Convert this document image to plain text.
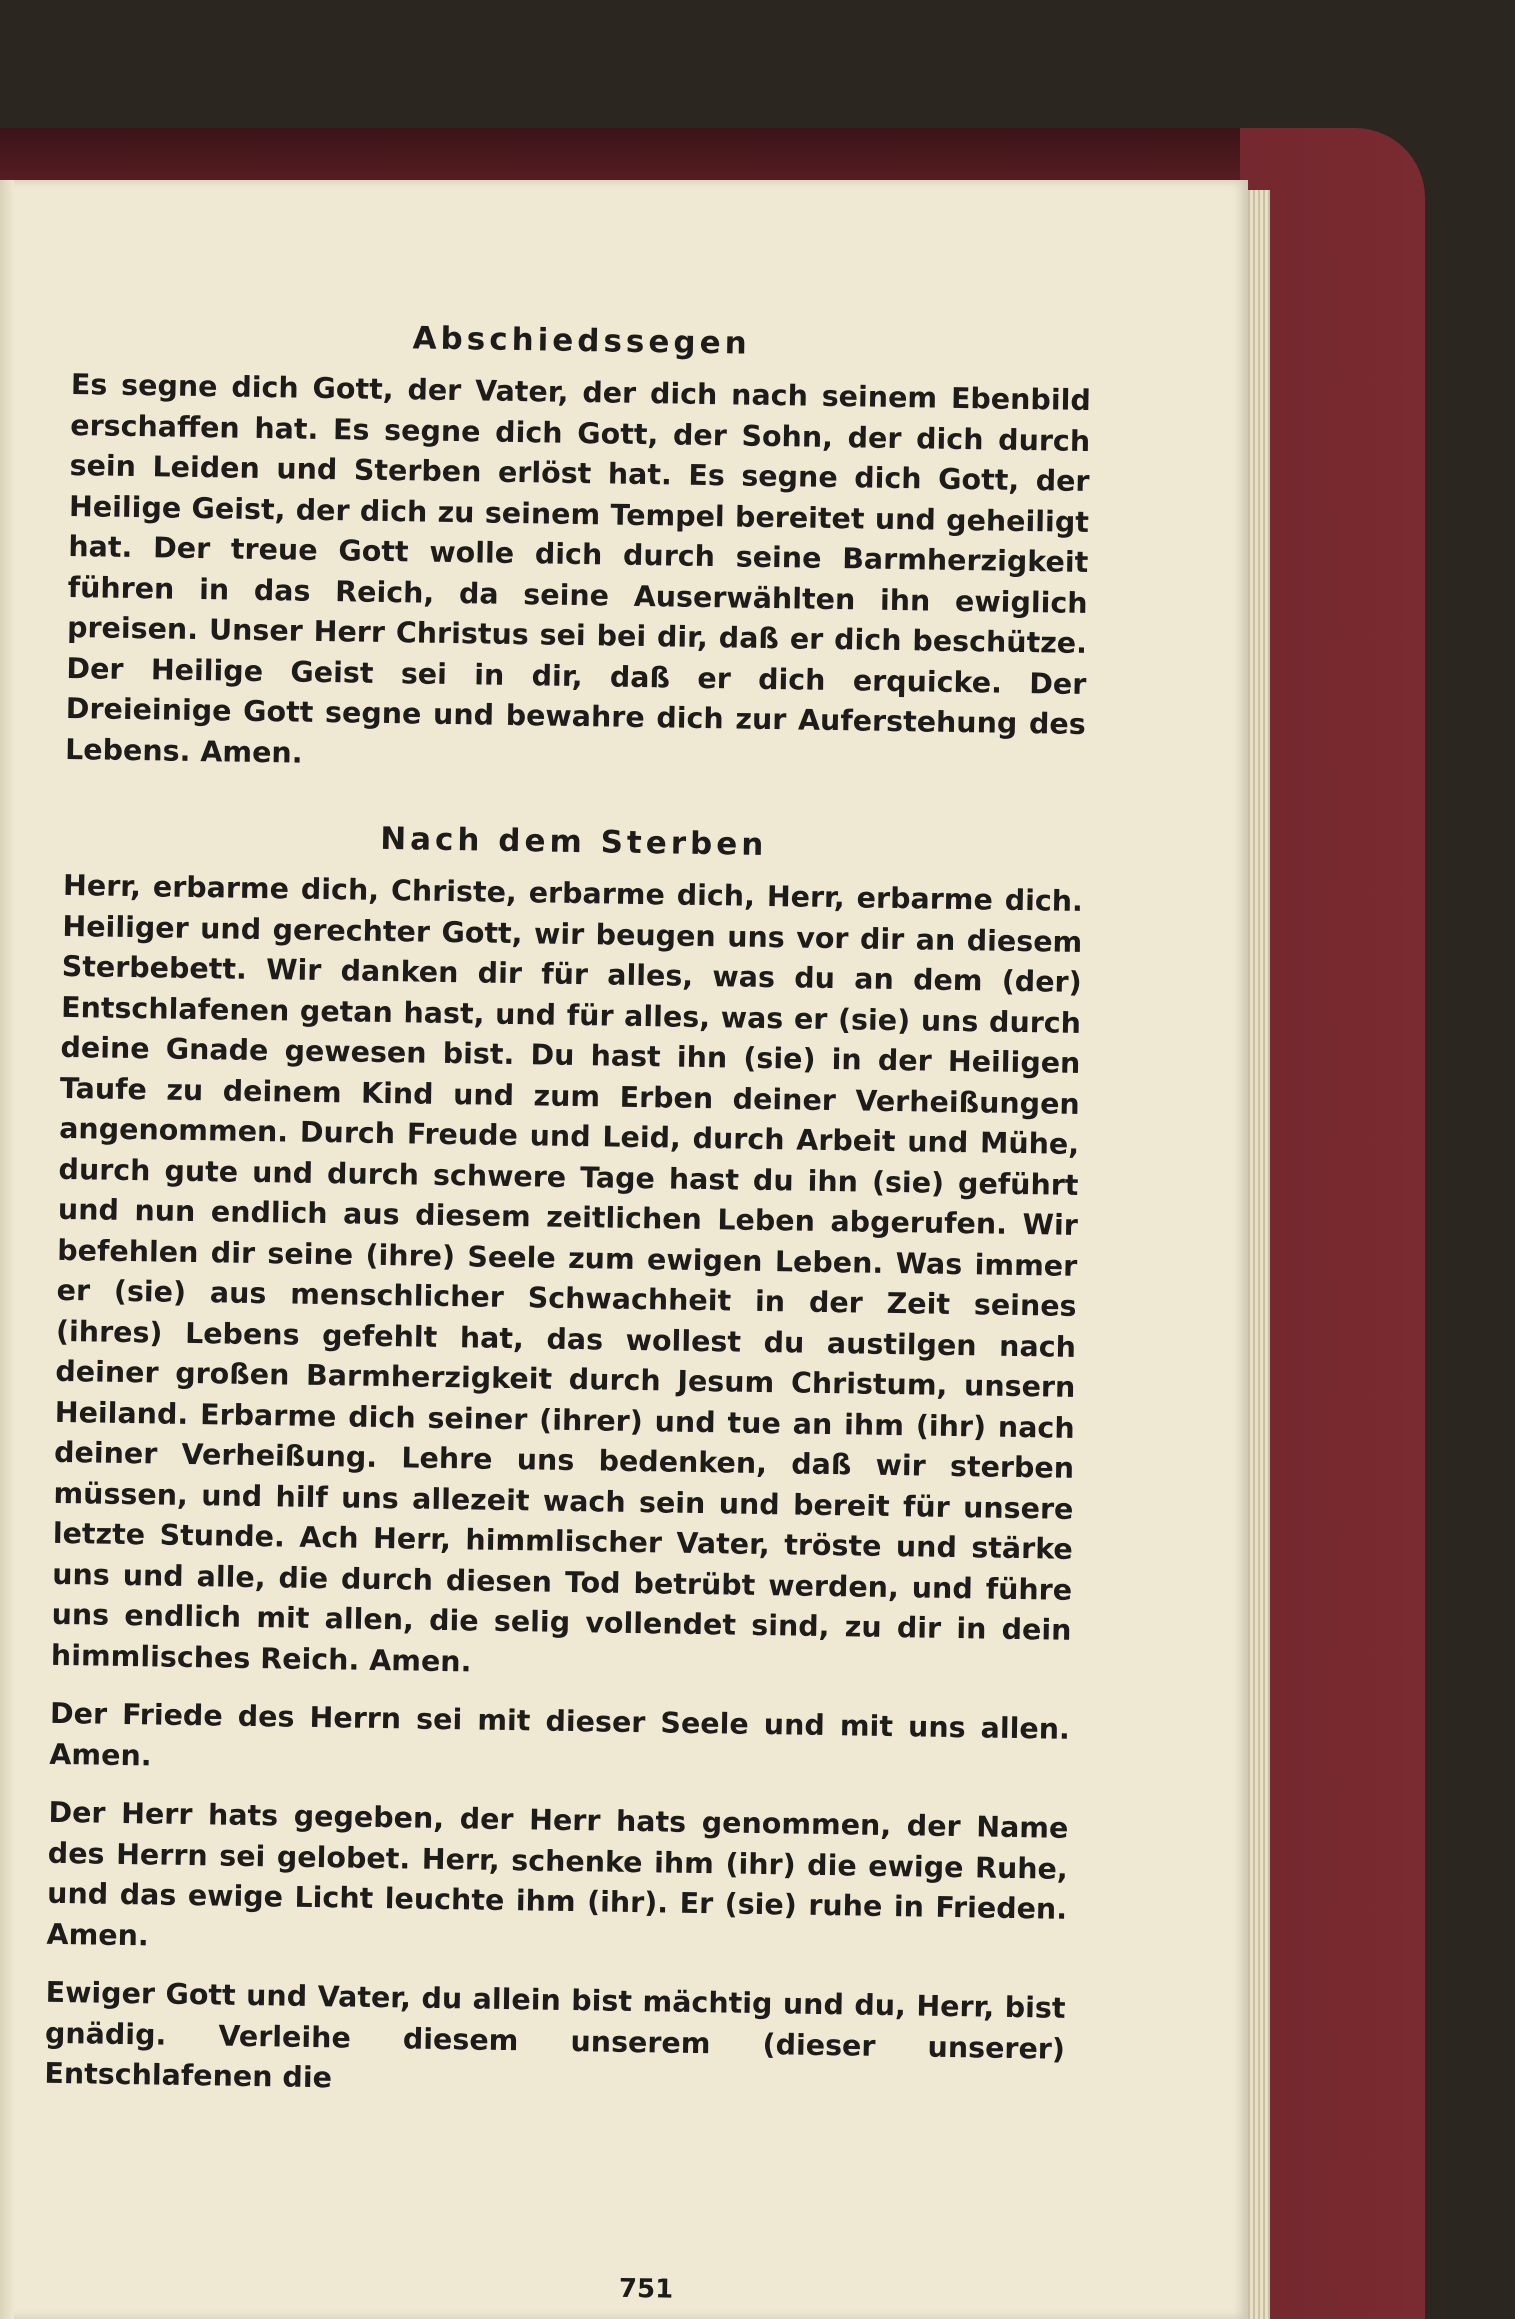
Abschiedssegen

Es segne dich Gott, der Vater, der dich nach seinem Ebenbild erschaffen hat. Es segne dich Gott, der Sohn, der dich durch sein Leiden und Sterben erlöst hat. Es segne dich Gott, der Heilige Geist, der dich zu seinem Tempel bereitet und geheiligt hat. Der treue Gott wolle dich durch seine Barmherzigkeit führen in das Reich, da seine Auserwählten ihn ewiglich preisen. Unser Herr Christus sei bei dir, daß er dich beschütze. Der Heilige Geist sei in dir, daß er dich erquicke. Der Dreieinige Gott segne und bewahre dich zur Auferstehung des Lebens. Amen.

Nach dem Sterben

Herr, erbarme dich, Christe, erbarme dich, Herr, erbarme dich. Heiliger und gerechter Gott, wir beugen uns vor dir an diesem Sterbebett. Wir danken dir für alles, was du an dem (der) Entschlafenen getan hast, und für alles, was er (sie) uns durch deine Gnade gewesen bist. Du hast ihn (sie) in der Heiligen Taufe zu deinem Kind und zum Erben deiner Verheißungen angenommen. Durch Freude und Leid, durch Arbeit und Mühe, durch gute und durch schwere Tage hast du ihn (sie) geführt und nun endlich aus diesem zeitlichen Leben abgerufen. Wir befehlen dir seine (ihre) Seele zum ewigen Leben. Was immer er (sie) aus menschlicher Schwachheit in der Zeit seines (ihres) Lebens gefehlt hat, das wollest du austilgen nach deiner großen Barmherzigkeit durch Jesum Christum, unsern Heiland. Erbarme dich seiner (ihrer) und tue an ihm (ihr) nach deiner Verheißung. Lehre uns bedenken, daß wir sterben müssen, und hilf uns allezeit wach sein und bereit für unsere letzte Stunde. Ach Herr, himmlischer Vater, tröste und stärke uns und alle, die durch diesen Tod betrübt werden, und führe uns endlich mit allen, die selig vollendet sind, zu dir in dein himmlisches Reich. Amen.

Der Friede des Herrn sei mit dieser Seele und mit uns allen. Amen.

Der Herr hats gegeben, der Herr hats genommen, der Name des Herrn sei gelobet. Herr, schenke ihm (ihr) die ewige Ruhe, und das ewige Licht leuchte ihm (ihr). Er (sie) ruhe in Frieden. Amen.

Ewiger Gott und Vater, du allein bist mächtig und du, Herr, bist gnädig. Verleihe diesem unserem (dieser unserer) Entschlafenen die

751
